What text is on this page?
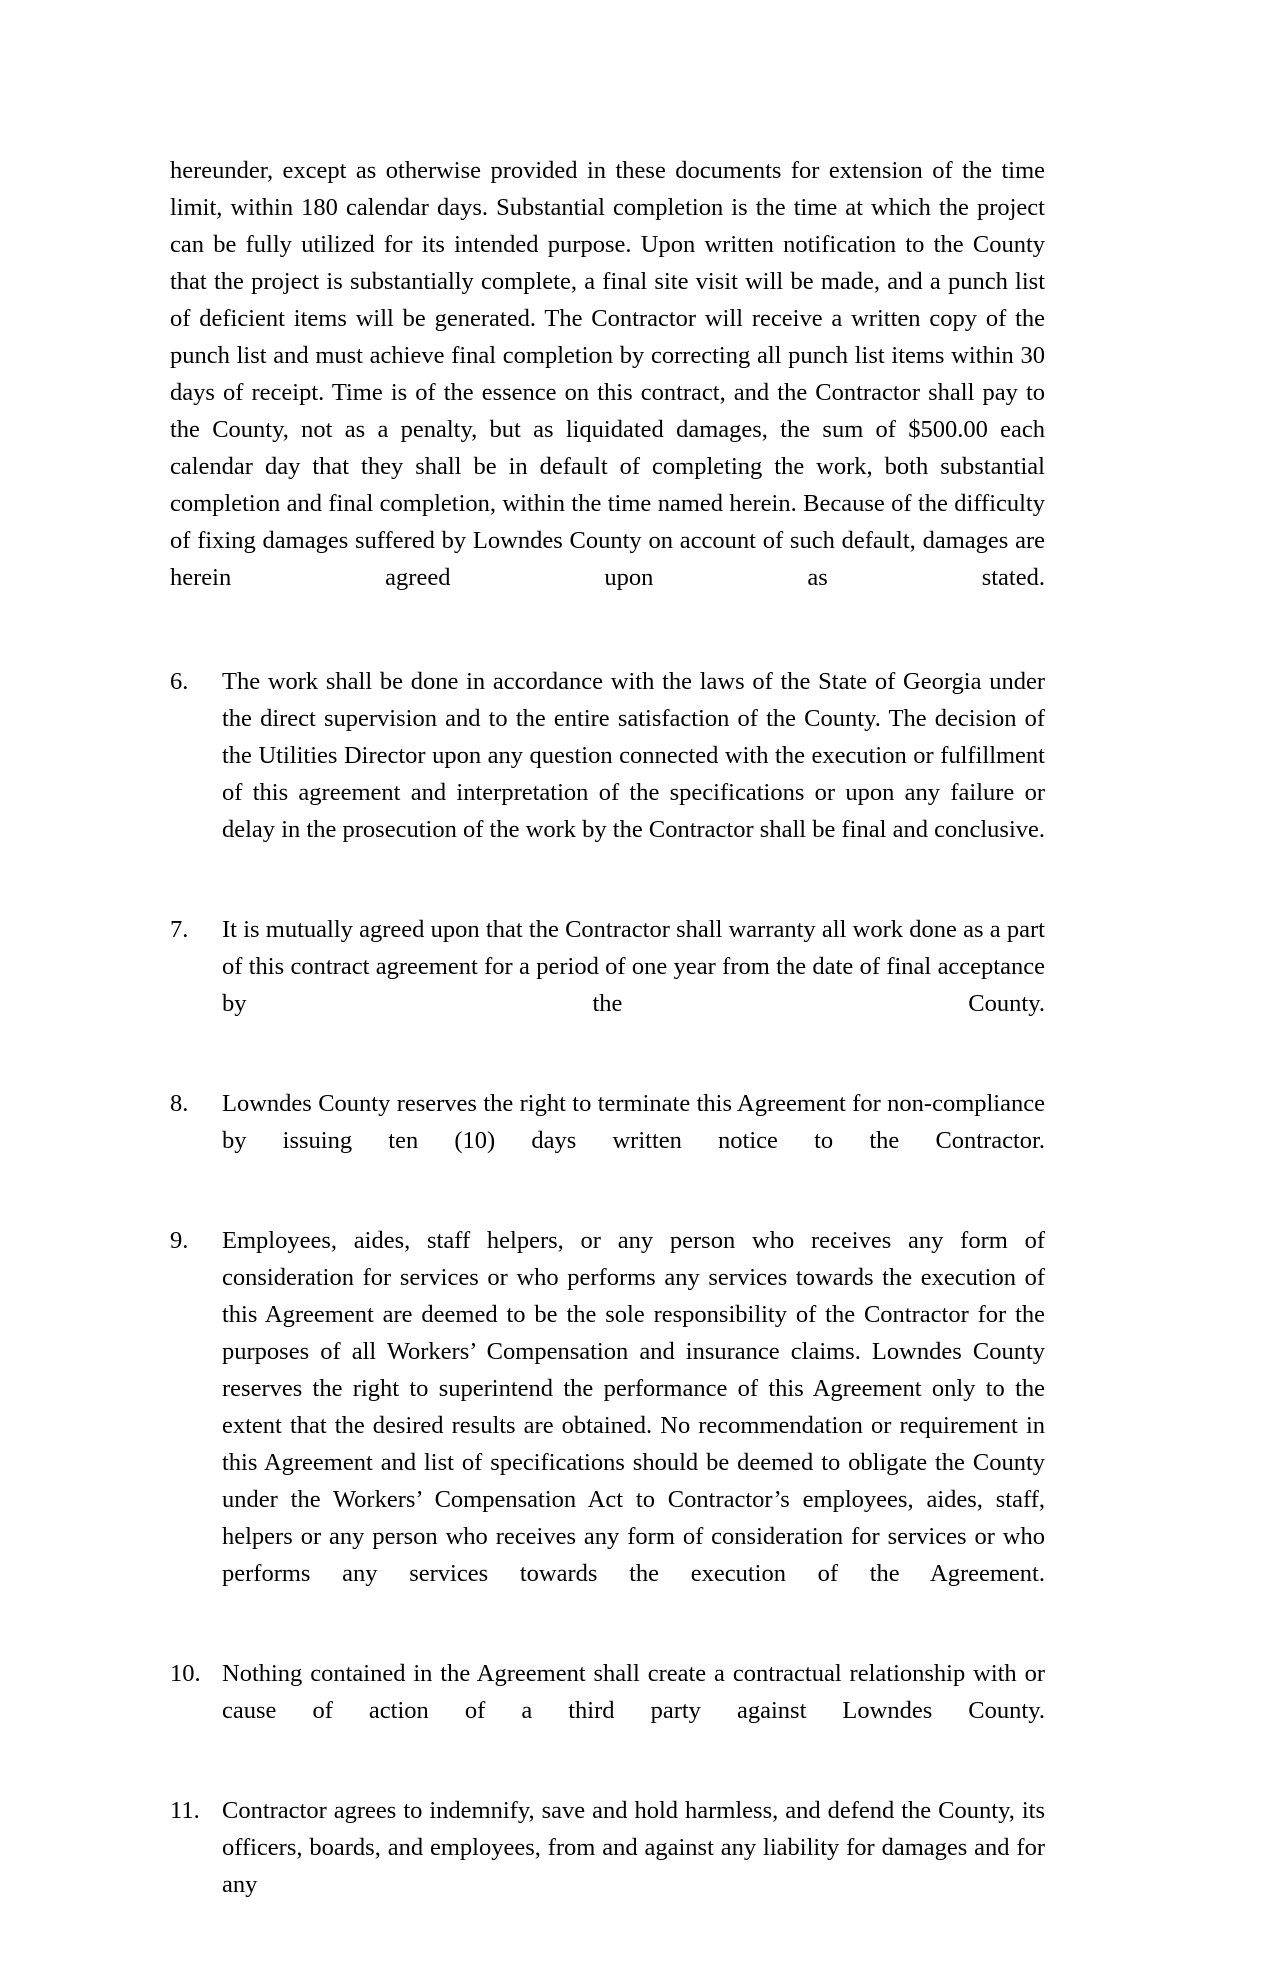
hereunder, except as otherwise provided in these documents for extension of the time limit, within 180 calendar days. Substantial completion is the time at which the project can be fully utilized for its intended purpose. Upon written notification to the County that the project is substantially complete, a final site visit will be made, and a punch list of deficient items will be generated. The Contractor will receive a written copy of the punch list and must achieve final completion by correcting all punch list items within 30 days of receipt. Time is of the essence on this contract, and the Contractor shall pay to the County, not as a penalty, but as liquidated damages, the sum of $500.00 each calendar day that they shall be in default of completing the work, both substantial completion and final completion, within the time named herein. Because of the difficulty of fixing damages suffered by Lowndes County on account of such default, damages are herein agreed upon as stated.
6.	The work shall be done in accordance with the laws of the State of Georgia under the direct supervision and to the entire satisfaction of the County. The decision of the Utilities Director upon any question connected with the execution or fulfillment of this agreement and interpretation of the specifications or upon any failure or delay in the prosecution of the work by the Contractor shall be final and conclusive.
7.	It is mutually agreed upon that the Contractor shall warranty all work done as a part of this contract agreement for a period of one year from the date of final acceptance by the County.
8.	Lowndes County reserves the right to terminate this Agreement for non-compliance by issuing ten (10) days written notice to the Contractor.
9.	Employees, aides, staff helpers, or any person who receives any form of consideration for services or who performs any services towards the execution of this Agreement are deemed to be the sole responsibility of the Contractor for the purposes of all Workers’ Compensation and insurance claims. Lowndes County reserves the right to superintend the performance of this Agreement only to the extent that the desired results are obtained. No recommendation or requirement in this Agreement and list of specifications should be deemed to obligate the County under the Workers’ Compensation Act to Contractor’s employees, aides, staff, helpers or any person who receives any form of consideration for services or who performs any services towards the execution of the Agreement.
10. Nothing contained in the Agreement shall create a contractual relationship with or cause of action of a third party against Lowndes County.
11. Contractor agrees to indemnify, save and hold harmless, and defend the County, its officers, boards, and employees, from and against any liability for damages and for any
